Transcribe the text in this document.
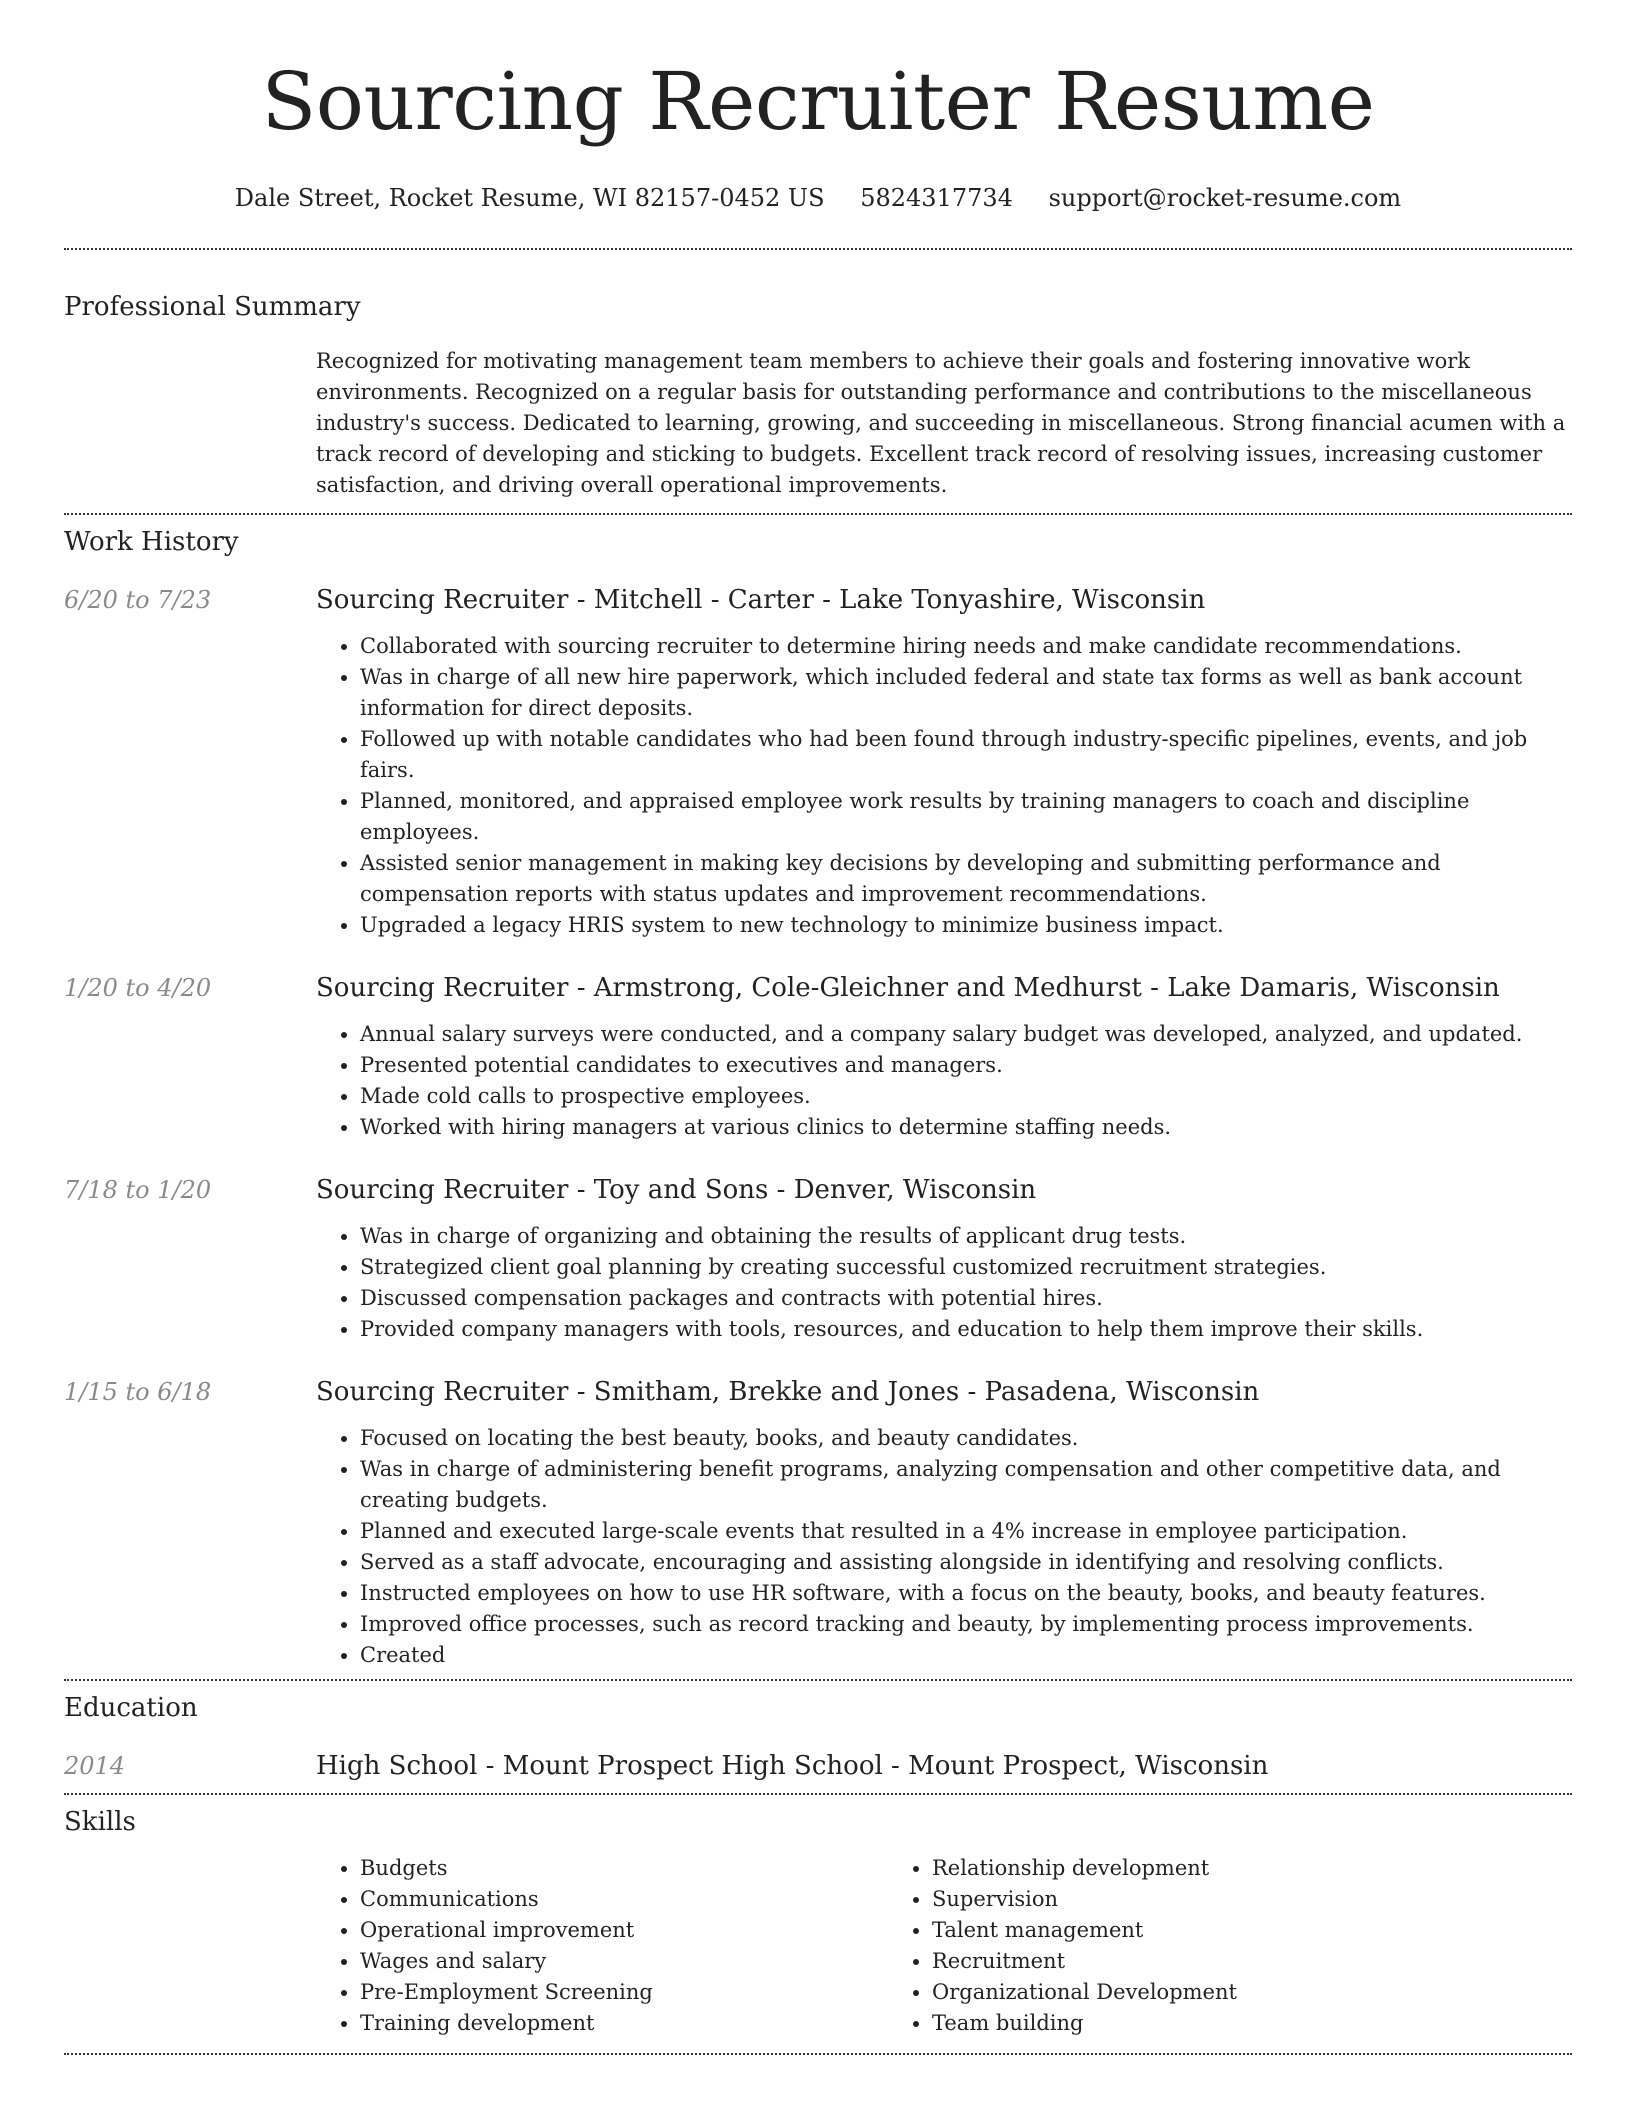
Sourcing Recruiter Resume
Dale Street, Rocket Resume, WI 82157-0452 US 5824317734 support@rocket-resume.com
Professional Summary
Recognized for motivating management team members to achieve their goals and fostering innovative work environments. Recognized on a regular basis for outstanding performance and contributions to the miscellaneous industry's success. Dedicated to learning, growing, and succeeding in miscellaneous. Strong financial acumen with a track record of developing and sticking to budgets. Excellent track record of resolving issues, increasing customer satisfaction, and driving overall operational improvements.
Work History
6/20 to 7/23	Sourcing Recruiter - Mitchell - Carter - Lake Tonyashire, Wisconsin
• Collaborated with sourcing recruiter to determine hiring needs and make candidate recommendations.
• Was in charge of all new hire paperwork, which included federal and state tax forms as well as bank account information for direct deposits.
• Followed up with notable candidates who had been found through industry-specific pipelines, events, and job fairs.
• Planned, monitored, and appraised employee work results by training managers to coach and discipline employees.
• Assisted senior management in making key decisions by developing and submitting performance and compensation reports with status updates and improvement recommendations.
• Upgraded a legacy HRIS system to new technology to minimize business impact.
1/20 to 4/20	Sourcing Recruiter - Armstrong, Cole-Gleichner and Medhurst - Lake Damaris, Wisconsin
• Annual salary surveys were conducted, and a company salary budget was developed, analyzed, and updated.
• Presented potential candidates to executives and managers.
• Made cold calls to prospective employees.
• Worked with hiring managers at various clinics to determine staffing needs.
7/18 to 1/20	Sourcing Recruiter - Toy and Sons - Denver, Wisconsin
• Was in charge of organizing and obtaining the results of applicant drug tests.
• Strategized client goal planning by creating successful customized recruitment strategies.
• Discussed compensation packages and contracts with potential hires.
• Provided company managers with tools, resources, and education to help them improve their skills.
1/15 to 6/18	Sourcing Recruiter - Smitham, Brekke and Jones - Pasadena, Wisconsin
• Focused on locating the best beauty, books, and beauty candidates.
• Was in charge of administering benefit programs, analyzing compensation and other competitive data, and creating budgets.
• Planned and executed large-scale events that resulted in a 4% increase in employee participation.
• Served as a staff advocate, encouraging and assisting alongside in identifying and resolving conflicts.
• Instructed employees on how to use HR software, with a focus on the beauty, books, and beauty features.
• Improved office processes, such as record tracking and beauty, by implementing process improvements.
• Created
Education
2014	High School - Mount Prospect High School - Mount Prospect, Wisconsin
Skills
• Budgets
• Communications
• Operational improvement
• Wages and salary
• Pre-Employment Screening
• Training development
• Relationship development
• Supervision
• Talent management
• Recruitment
• Organizational Development
• Team building
